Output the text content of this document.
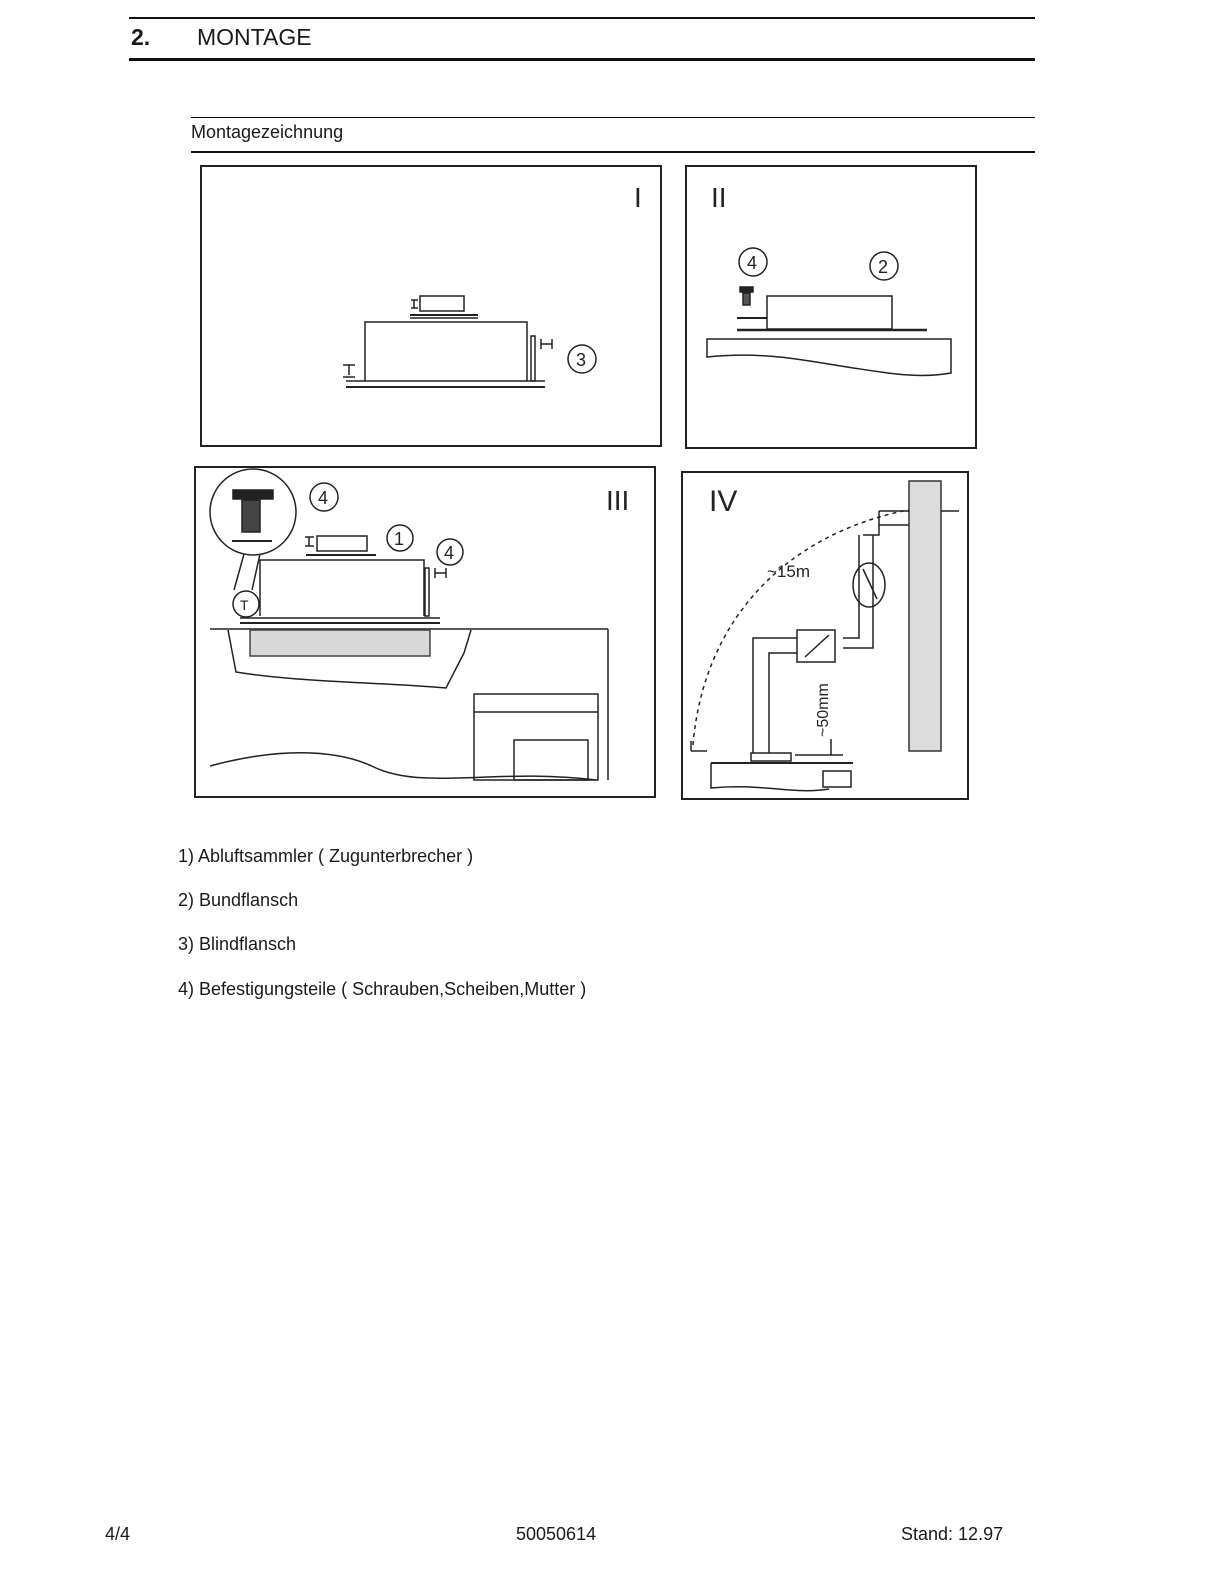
2. MONTAGE
Montagezeichnung
I
3
II
4	2
III
4
1
4
T
IV
~15m
~50mm
1) Abluftsammler ( Zugunterbrecher )
2) Bundflansch
3) Blindflansch
4) Befestigungsteile ( Schrauben,Scheiben,Mutter )
4/4	50050614	Stand: 12.97
